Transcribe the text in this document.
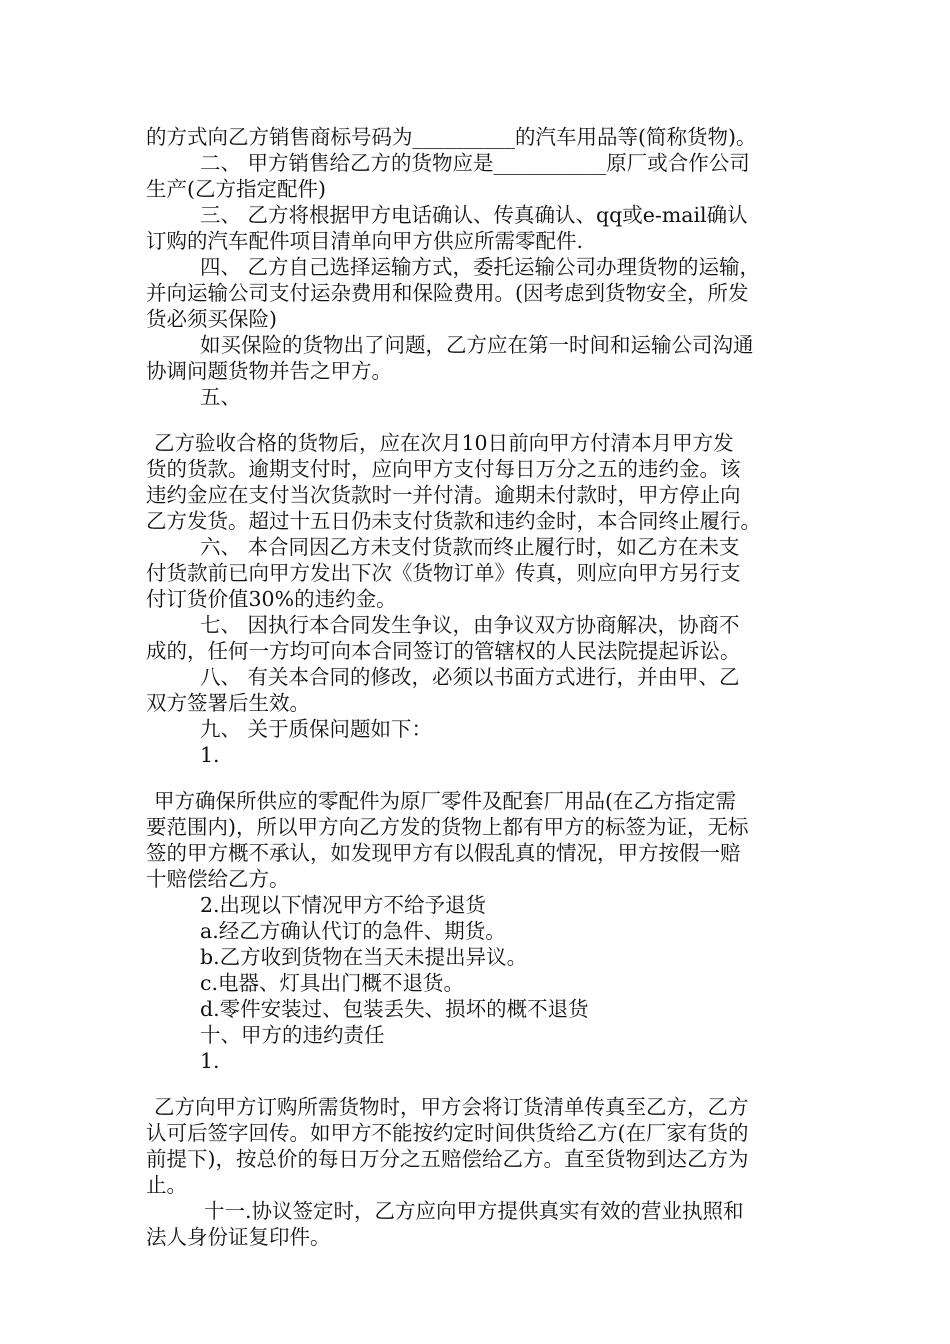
的方式向乙方销售商标号码为__________的汽车用品等(简称货物)。
二、 甲方销售给乙方的货物应是___________原厂或合作公司
生产(乙方指定配件)
三、 乙方将根据甲方电话确认、传真确认、qq或e-mail确认
订购的汽车配件项目清单向甲方供应所需零配件.
四、 乙方自己选择运输方式，委托运输公司办理货物的运输，
并向运输公司支付运杂费用和保险费用。(因考虑到货物安全，所发
货必须买保险)
如买保险的货物出了问题，乙方应在第一时间和运输公司沟通
协调问题货物并告之甲方。
五、
乙方验收合格的货物后，应在次月10日前向甲方付清本月甲方发
货的货款。逾期支付时，应向甲方支付每日万分之五的违约金。该
违约金应在支付当次货款时一并付清。逾期未付款时，甲方停止向
乙方发货。超过十五日仍未支付货款和违约金时，本合同终止履行。
六、 本合同因乙方未支付货款而终止履行时，如乙方在未支
付货款前已向甲方发出下次《货物订单》传真，则应向甲方另行支
付订货价值30%的违约金。
七、 因执行本合同发生争议，由争议双方协商解决，协商不
成的，任何一方均可向本合同签订的管辖权的人民法院提起诉讼。
八、 有关本合同的修改，必须以书面方式进行，并由甲、乙
双方签署后生效。
九、 关于质保问题如下：
1.
甲方确保所供应的零配件为原厂零件及配套厂用品(在乙方指定需
要范围内)，所以甲方向乙方发的货物上都有甲方的标签为证，无标
签的甲方概不承认，如发现甲方有以假乱真的情况，甲方按假一赔
十赔偿给乙方。
2.出现以下情况甲方不给予退货
a.经乙方确认代订的急件、期货。
b.乙方收到货物在当天未提出异议。
c.电器、灯具出门概不退货。
d.零件安装过、包装丢失、损坏的概不退货
十、甲方的违约责任
1.
乙方向甲方订购所需货物时，甲方会将订货清单传真至乙方，乙方
认可后签字回传。如甲方不能按约定时间供货给乙方(在厂家有货的
前提下)，按总价的每日万分之五赔偿给乙方。直至货物到达乙方为
止。
十一.协议签定时，乙方应向甲方提供真实有效的营业执照和
法人身份证复印件。
